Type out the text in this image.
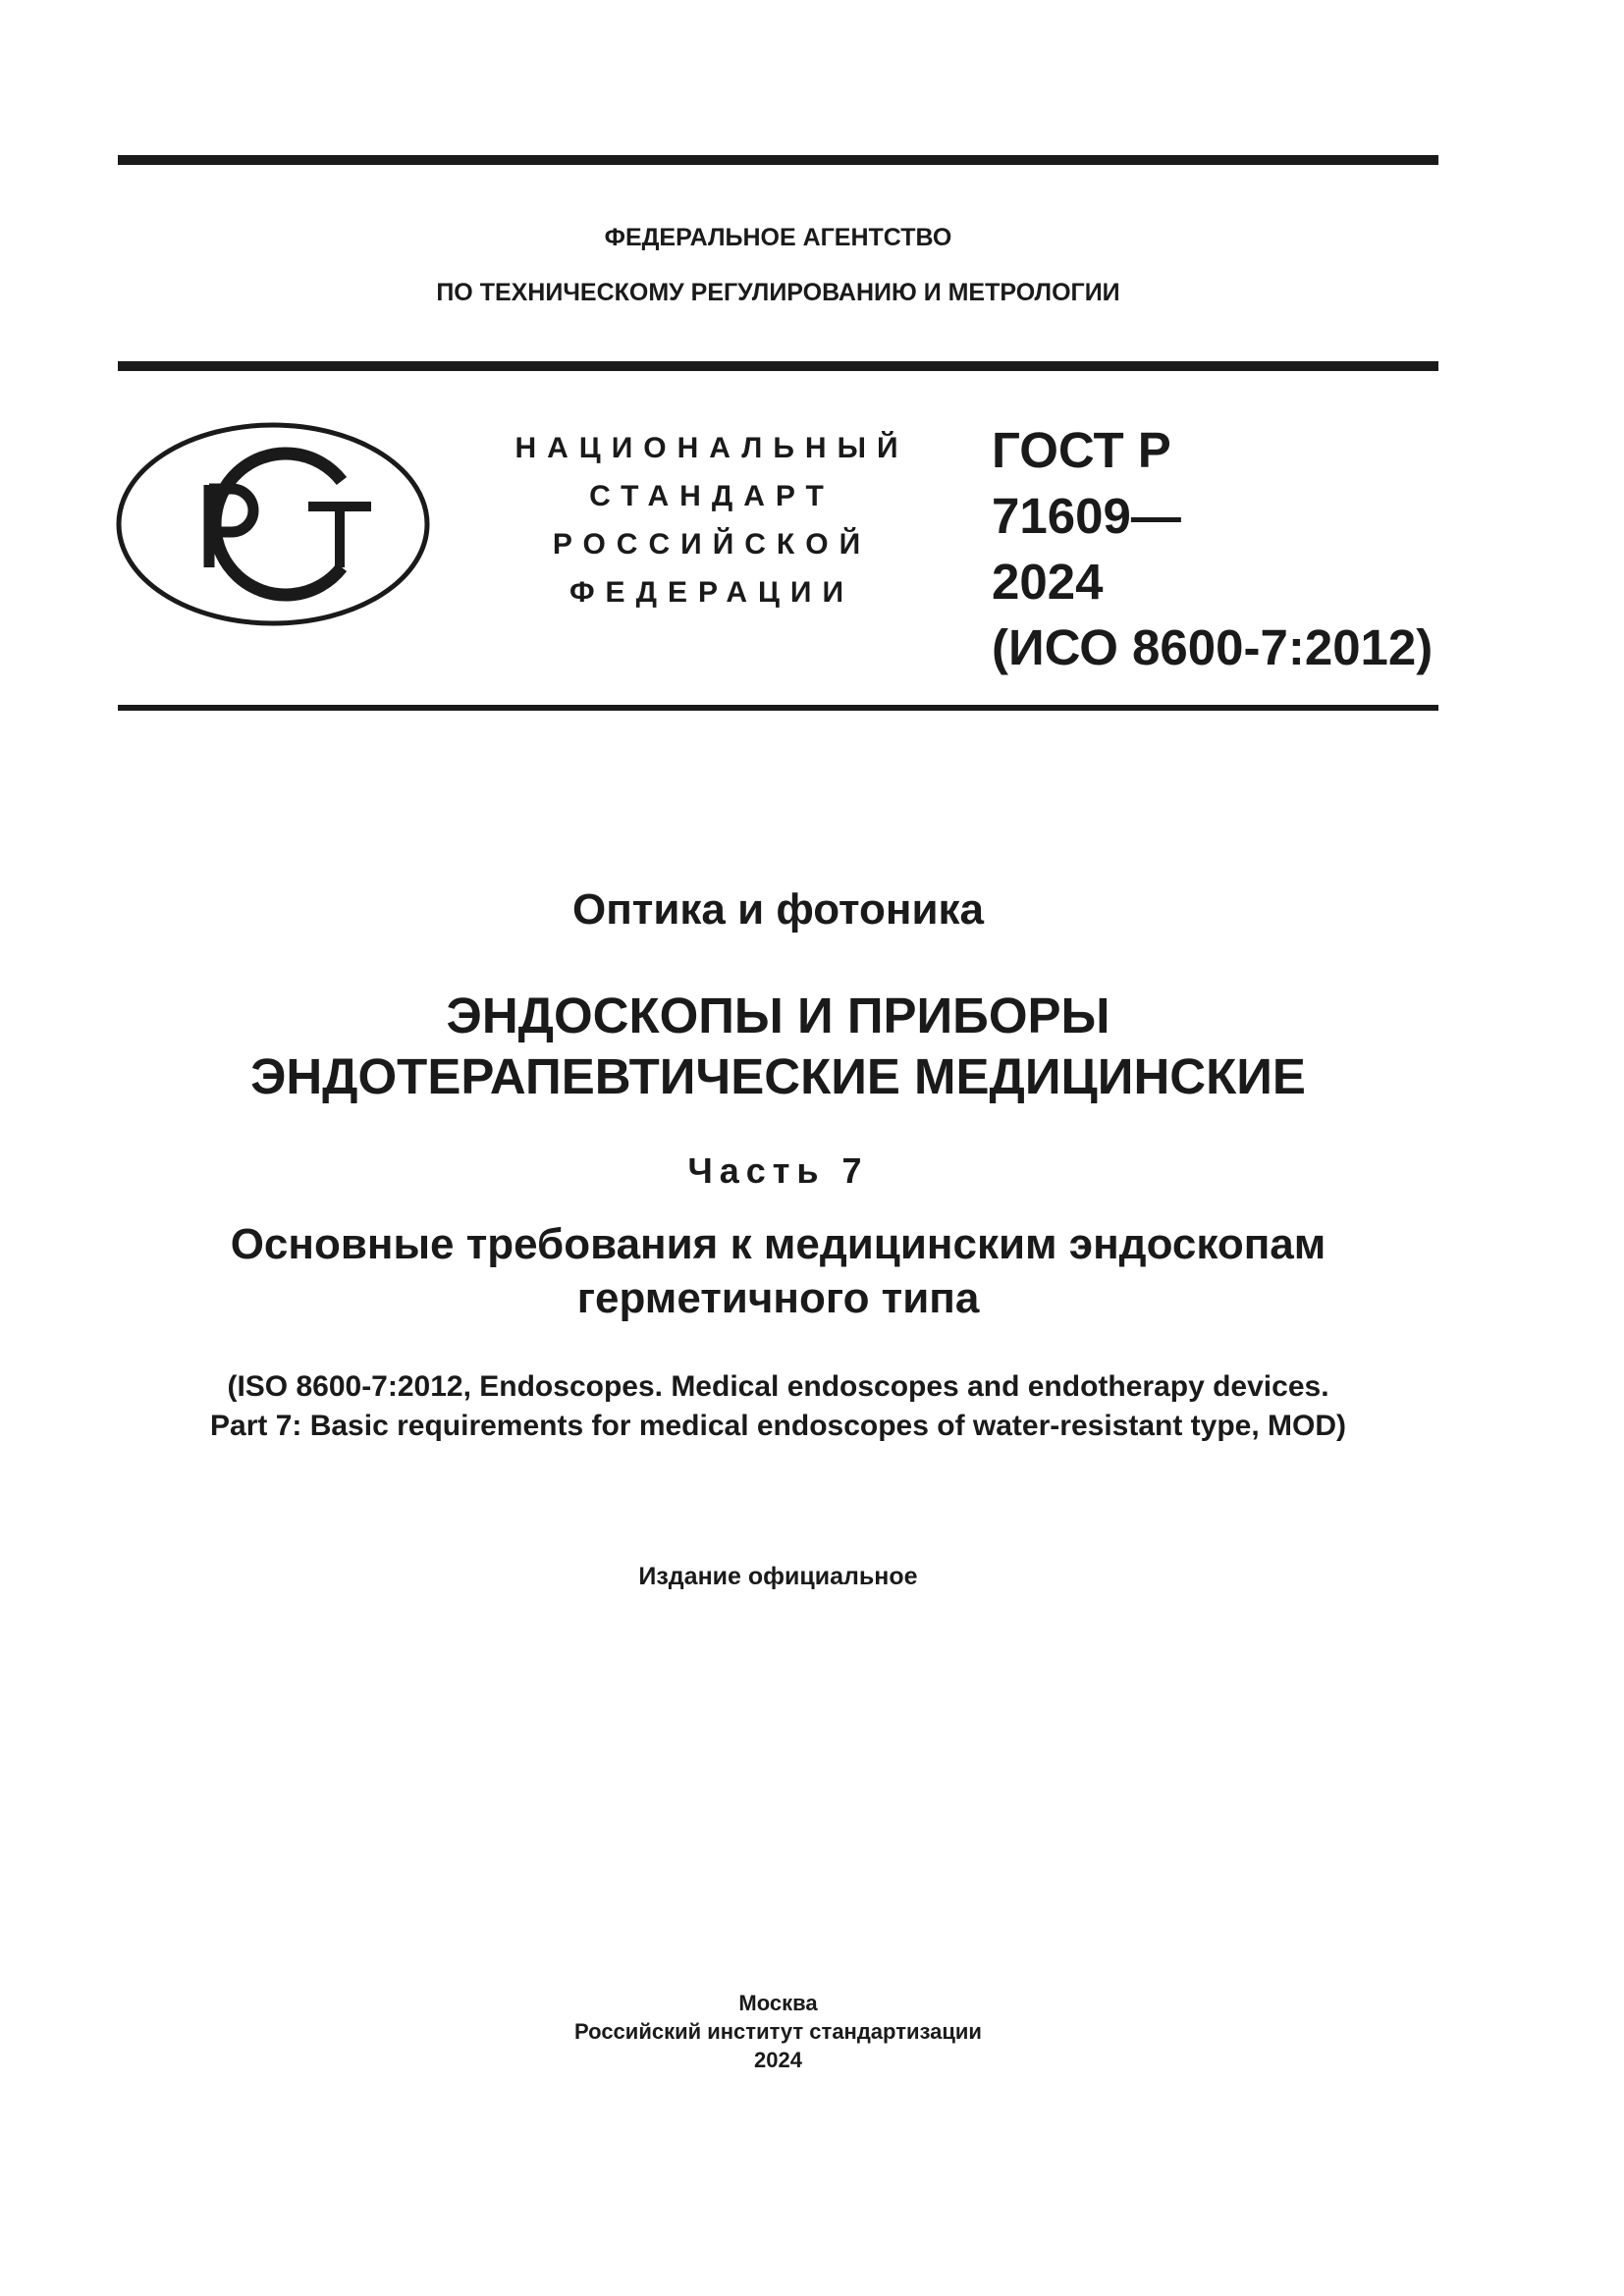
ФЕДЕРАЛЬНОЕ АГЕНТСТВО
ПО ТЕХНИЧЕСКОМУ РЕГУЛИРОВАНИЮ И МЕТРОЛОГИИ
НАЦИОНАЛЬНЫЙ
СТАНДАРТ
РОССИЙСКОЙ
ФЕДЕРАЦИИ
ГОСТ Р
71609—
2024
(ИСО 8600-7:2012)
Оптика и фотоника
ЭНДОСКОПЫ И ПРИБОРЫ
ЭНДОТЕРАПЕВТИЧЕСКИЕ МЕДИЦИНСКИЕ
Часть 7
Основные требования к медицинским эндоскопам
герметичного типа
(ISO 8600-7:2012, Endoscopes. Medical endoscopes and endotherapy devices.
Part 7: Basic requirements for medical endoscopes of water-resistant type, MOD)
Издание официальное
Москва
Российский институт стандартизации
2024
